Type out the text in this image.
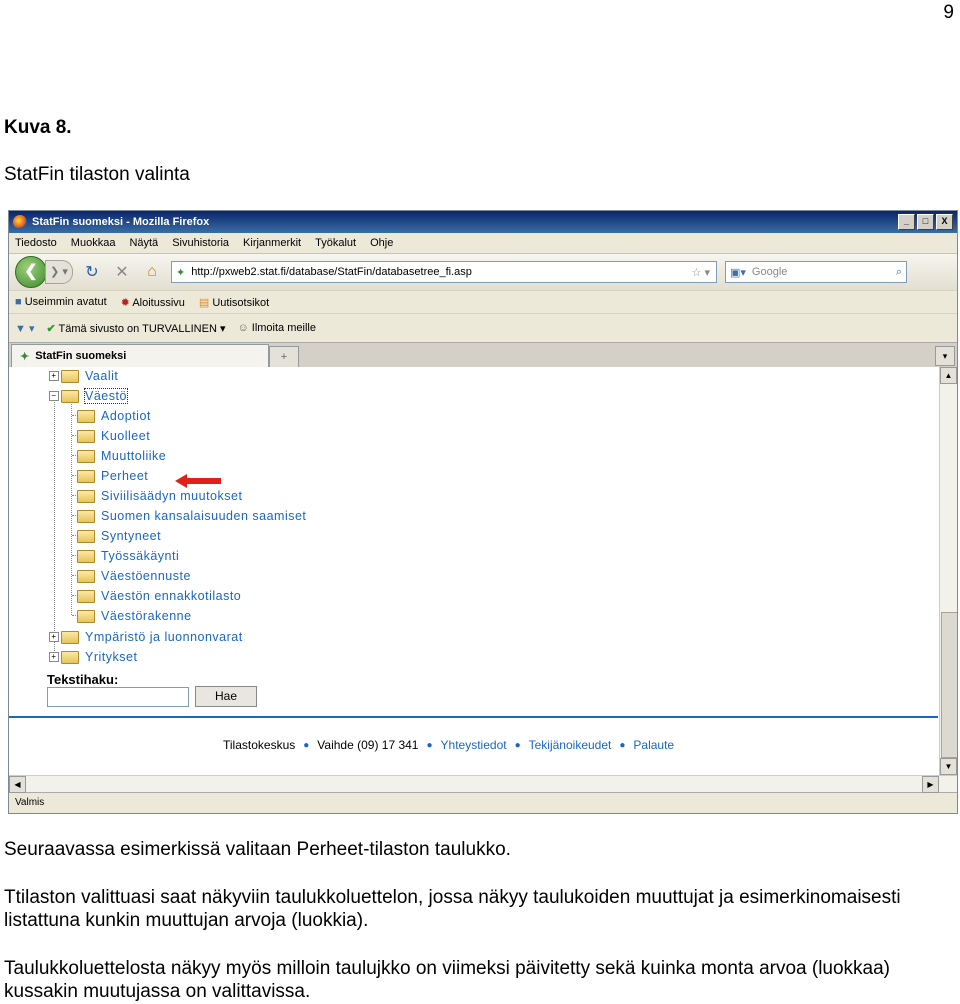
9
Kuva 8.
StatFin tilaston valinta
StatFin suomeksi - Mozilla Firefox	_	□	X
Tiedosto Muokkaa Näytä Sivuhistoria Kirjanmerkit Työkalut Ohje
❮	❯ ▾	↻ ✕	⌂	✦ http://pxweb2.stat.fi/database/StatFin/databasetree_fi.asp	☆ ▾ ▣▾ Google	⌕
■ Useimmin avatut ✹ Aloitussivu ▤ Uutisotsikot
▼ ▾ ✔ Tämä sivusto on TURVALLINEN ▾ ☺ Ilmoita meille
✦ StatFin suomeksi	+	▾
+ Vaalit
− Väestö
Adoptiot
Kuolleet
Muuttoliike
Perheet
Siviilisäädyn muutokset
Suomen kansalaisuuden saamiset
Syntyneet
Työssäkäynti
Väestöennuste
Väestön ennakkotilasto
Väestörakenne
+ Ympäristö ja luonnonvarat
+ Yritykset
Tekstihaku:
Hae
Tilastokeskus ● Vaihde (09) 17 341 ● Yhteystiedot ● Tekijänoikeudet ● Palaute
▲
▼
◀	▶
Valmis
Seuraavassa esimerkissä valitaan Perheet-tilaston taulukko.
Ttilaston valittuasi saat näkyviin taulukkoluettelon, jossa näkyy taulukoiden muuttujat ja esimerkinomaisesti listattuna kunkin muuttujan arvoja (luokkia).
Taulukkoluettelosta näkyy myös milloin taulujkko on viimeksi päivitetty sekä kuinka monta arvoa (luokkaa) kussakin muutujassa on valittavissa.
